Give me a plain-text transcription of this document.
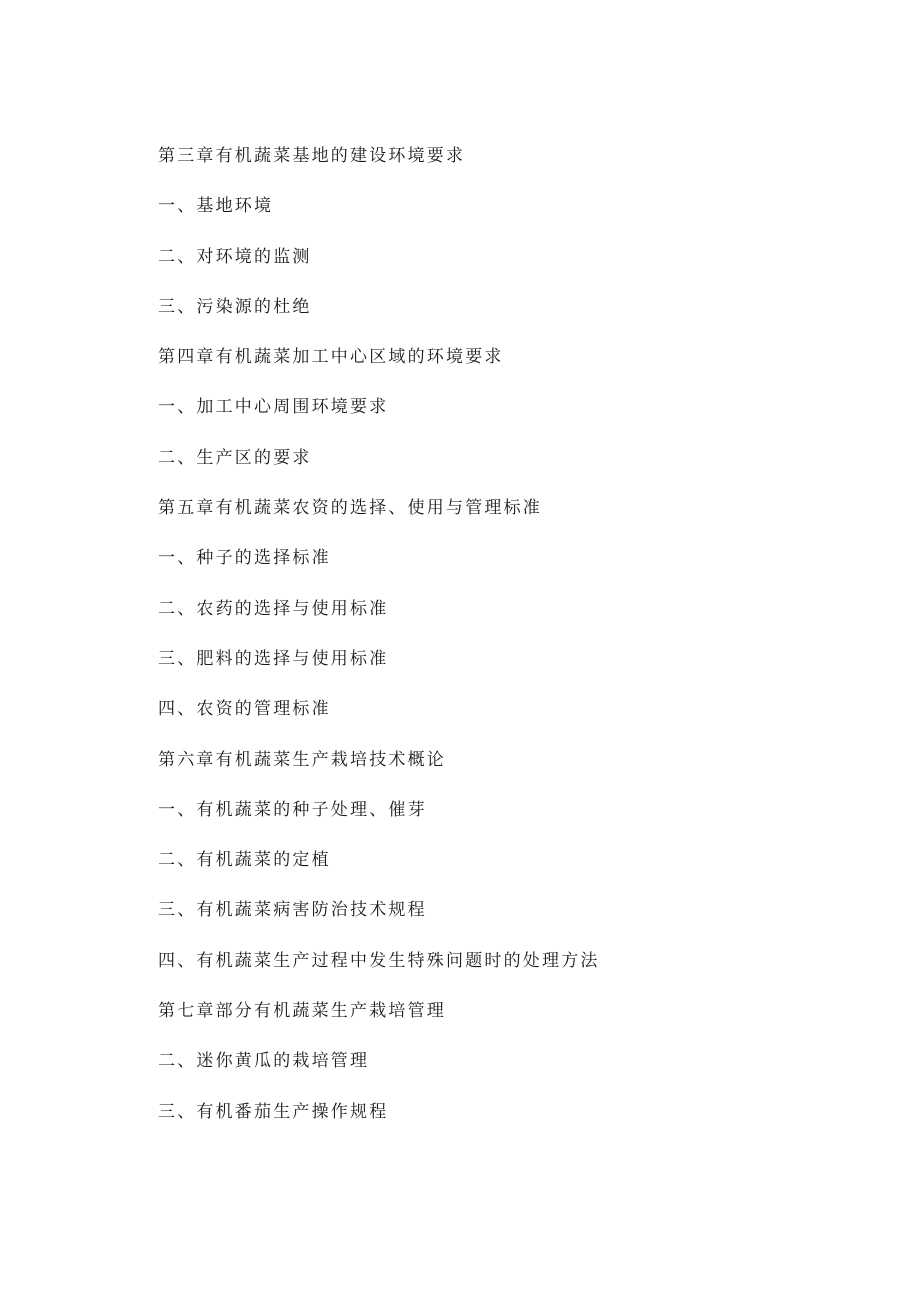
第三章有机蔬菜基地的建设环境要求
一、基地环境
二、对环境的监测
三、污染源的杜绝
第四章有机蔬菜加工中心区域的环境要求
一、加工中心周围环境要求
二、生产区的要求
第五章有机蔬菜农资的选择、使用与管理标准
一、种子的选择标准
二、农药的选择与使用标准
三、肥料的选择与使用标准
四、农资的管理标准
第六章有机蔬菜生产栽培技术概论
一、有机蔬菜的种子处理、催芽
二、有机蔬菜的定植
三、有机蔬菜病害防治技术规程
四、有机蔬菜生产过程中发生特殊问题时的处理方法
第七章部分有机蔬菜生产栽培管理
二、迷你黄瓜的栽培管理
三、有机番茄生产操作规程
